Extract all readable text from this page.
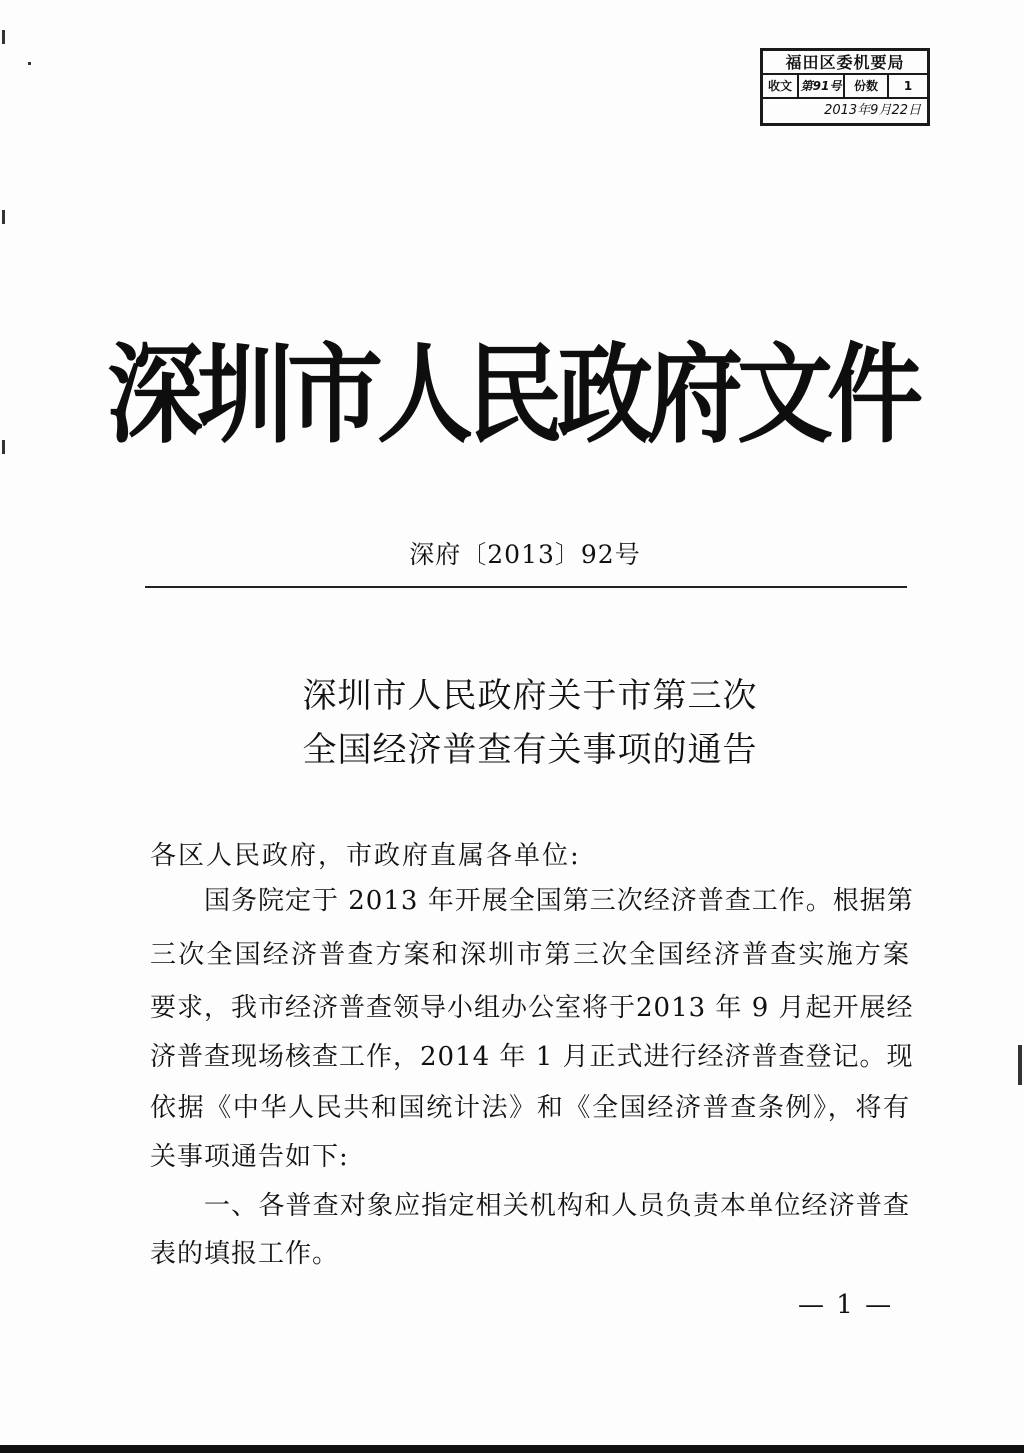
福田区委机要局
收文 第91号	份数	1
2013年9月22日
深圳市人民政府文件
深府〔2013〕92号
深圳市人民政府关于市第三次
全国经济普查有关事项的通告
各区人民政府，市政府直属各单位:
国务院定于 2013 年开展全国第三次经济普查工作。根据第
三次全国经济普查方案和深圳市第三次全国经济普查实施方案
要求，我市经济普查领导小组办公室将于2013 年 9 月起开展经
济普查现场核查工作，2014 年 1 月正式进行经济普查登记。现
依据《中华人民共和国统计法》和《全国经济普查条例》，将有
关事项通告如下:
一、各普查对象应指定相关机构和人员负责本单位经济普查
表的填报工作。
— 1 —
